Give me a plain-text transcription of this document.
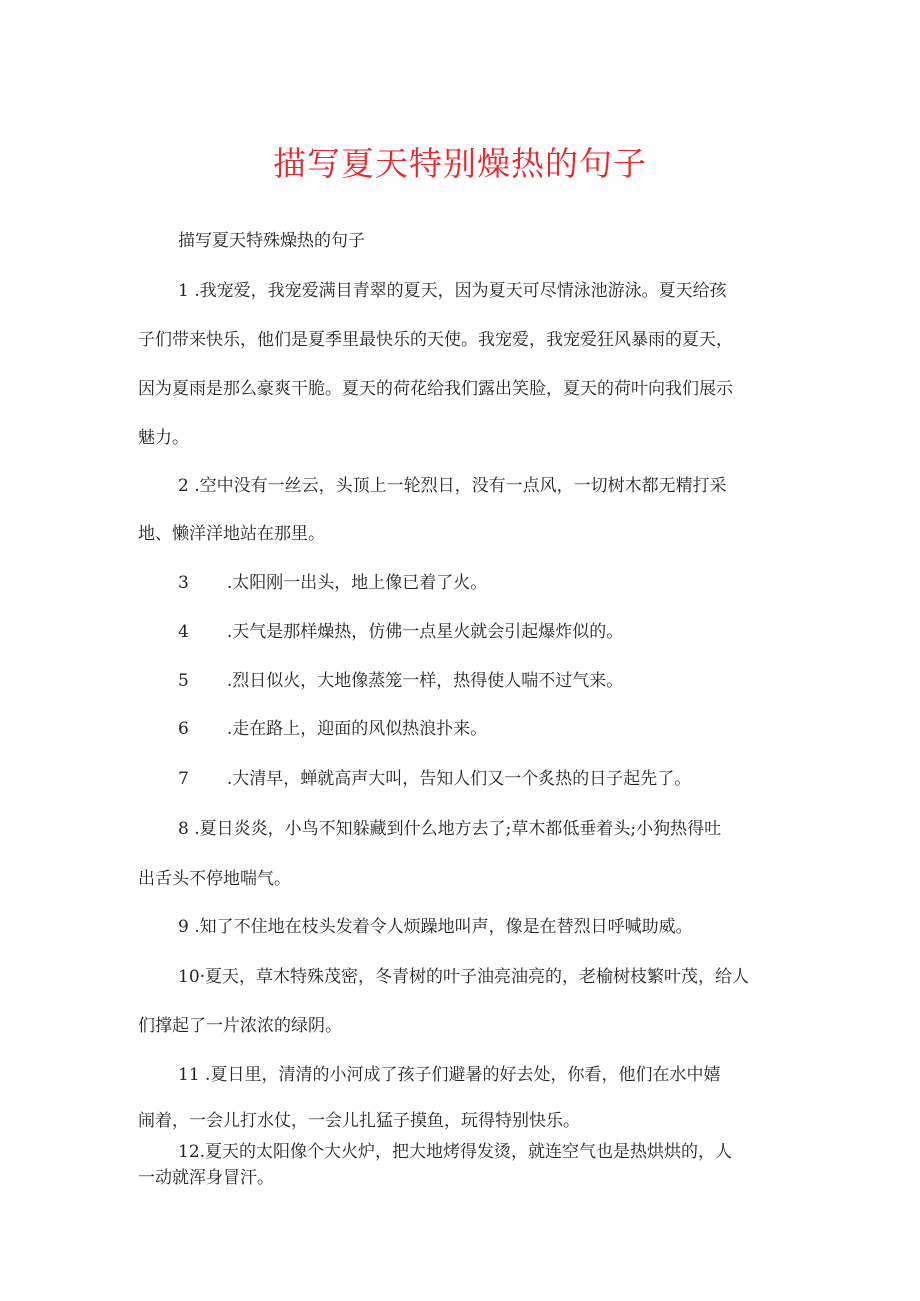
描写夏天特别燥热的句子
描写夏天特殊燥热的句子
1 .我宠爱，我宠爱满目青翠的夏天，因为夏天可尽情泳池游泳。夏天给孩
子们带来快乐，他们是夏季里最快乐的天使。我宠爱，我宠爱狂风暴雨的夏天，
因为夏雨是那么豪爽干脆。夏天的荷花给我们露出笑脸，夏天的荷叶向我们展示
魅力。
2 .空中没有一丝云，头顶上一轮烈日，没有一点风，一切树木都无精打采
地、懒洋洋地站在那里。
3 .太阳刚一出头，地上像已着了火。
4 .天气是那样燥热，仿佛一点星火就会引起爆炸似的。
5 .烈日似火，大地像蒸笼一样，热得使人喘不过气来。
6 .走在路上，迎面的风似热浪扑来。
7 .大清早，蝉就高声大叫，告知人们又一个炙热的日子起先了。
8 .夏日炎炎，小鸟不知躲藏到什么地方去了;草木都低垂着头;小狗热得吐
出舌头不停地喘气。
9 .知了不住地在枝头发着令人烦躁地叫声，像是在替烈日呼喊助威。
10·夏天，草木特殊茂密，冬青树的叶子油亮油亮的，老榆树枝繁叶茂，给人
们撑起了一片浓浓的绿阴。
11 .夏日里，清清的小河成了孩子们避暑的好去处，你看，他们在水中嬉
闹着，一会儿打水仗，一会儿扎猛子摸鱼，玩得特别快乐。
12.夏天的太阳像个大火炉，把大地烤得发烫，就连空气也是热烘烘的，人
一动就浑身冒汗。
